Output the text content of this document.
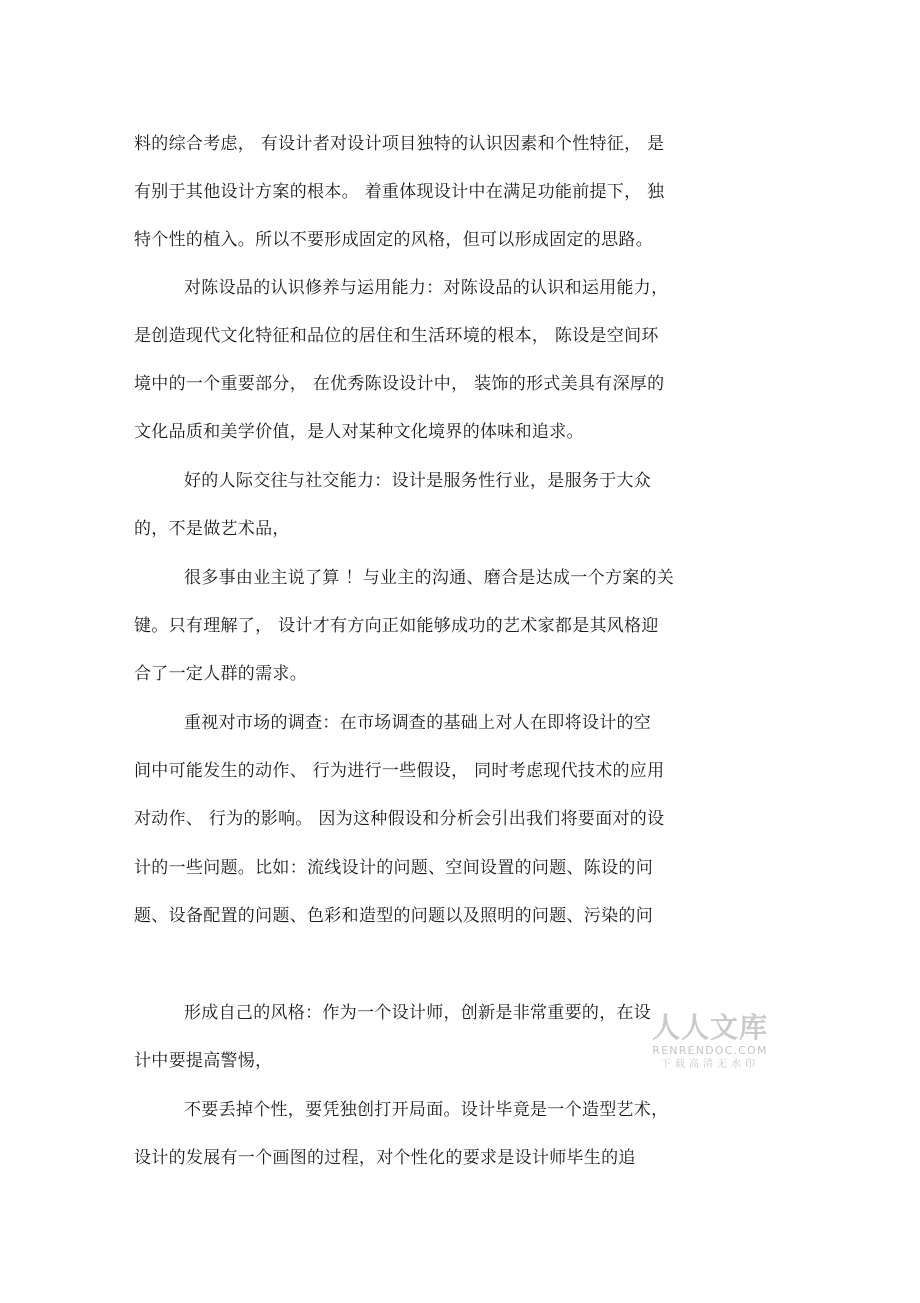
料的综合考虑， 有设计者对设计项目独特的认识因素和个性特征， 是
有别于其他设计方案的根本。 着重体现设计中在满足功能前提下， 独
特个性的植入。所以不要形成固定的风格，但可以形成固定的思路。
对陈设品的认识修养与运用能力：对陈设品的认识和运用能力，
是创造现代文化特征和品位的居住和生活环境的根本， 陈设是空间环
境中的一个重要部分， 在优秀陈设设计中， 装饰的形式美具有深厚的
文化品质和美学价值，是人对某种文化境界的体味和追求。
好的人际交往与社交能力：设计是服务性行业，是服务于大众
的，不是做艺术品，
很多事由业主说了算 ！与业主的沟通、磨合是达成一个方案的关
键。只有理解了， 设计才有方向正如能够成功的艺术家都是其风格迎
合了一定人群的需求。
重视对市场的调查：在市场调查的基础上对人在即将设计的空
间中可能发生的动作、 行为进行一些假设， 同时考虑现代技术的应用
对动作、 行为的影响。 因为这种假设和分析会引出我们将要面对的设
计的一些问题。比如：流线设计的问题、空间设置的问题、陈设的问
题、设备配置的问题、色彩和造型的问题以及照明的问题、污染的问
形成自己的风格：作为一个设计师，创新是非常重要的，在设
计中要提高警惕，
不要丢掉个性，要凭独创打开局面。设计毕竟是一个造型艺术，
设计的发展有一个画图的过程，对个性化的要求是设计师毕生的追
人人文库
RENRENDOC.COM
下载高清无水印
